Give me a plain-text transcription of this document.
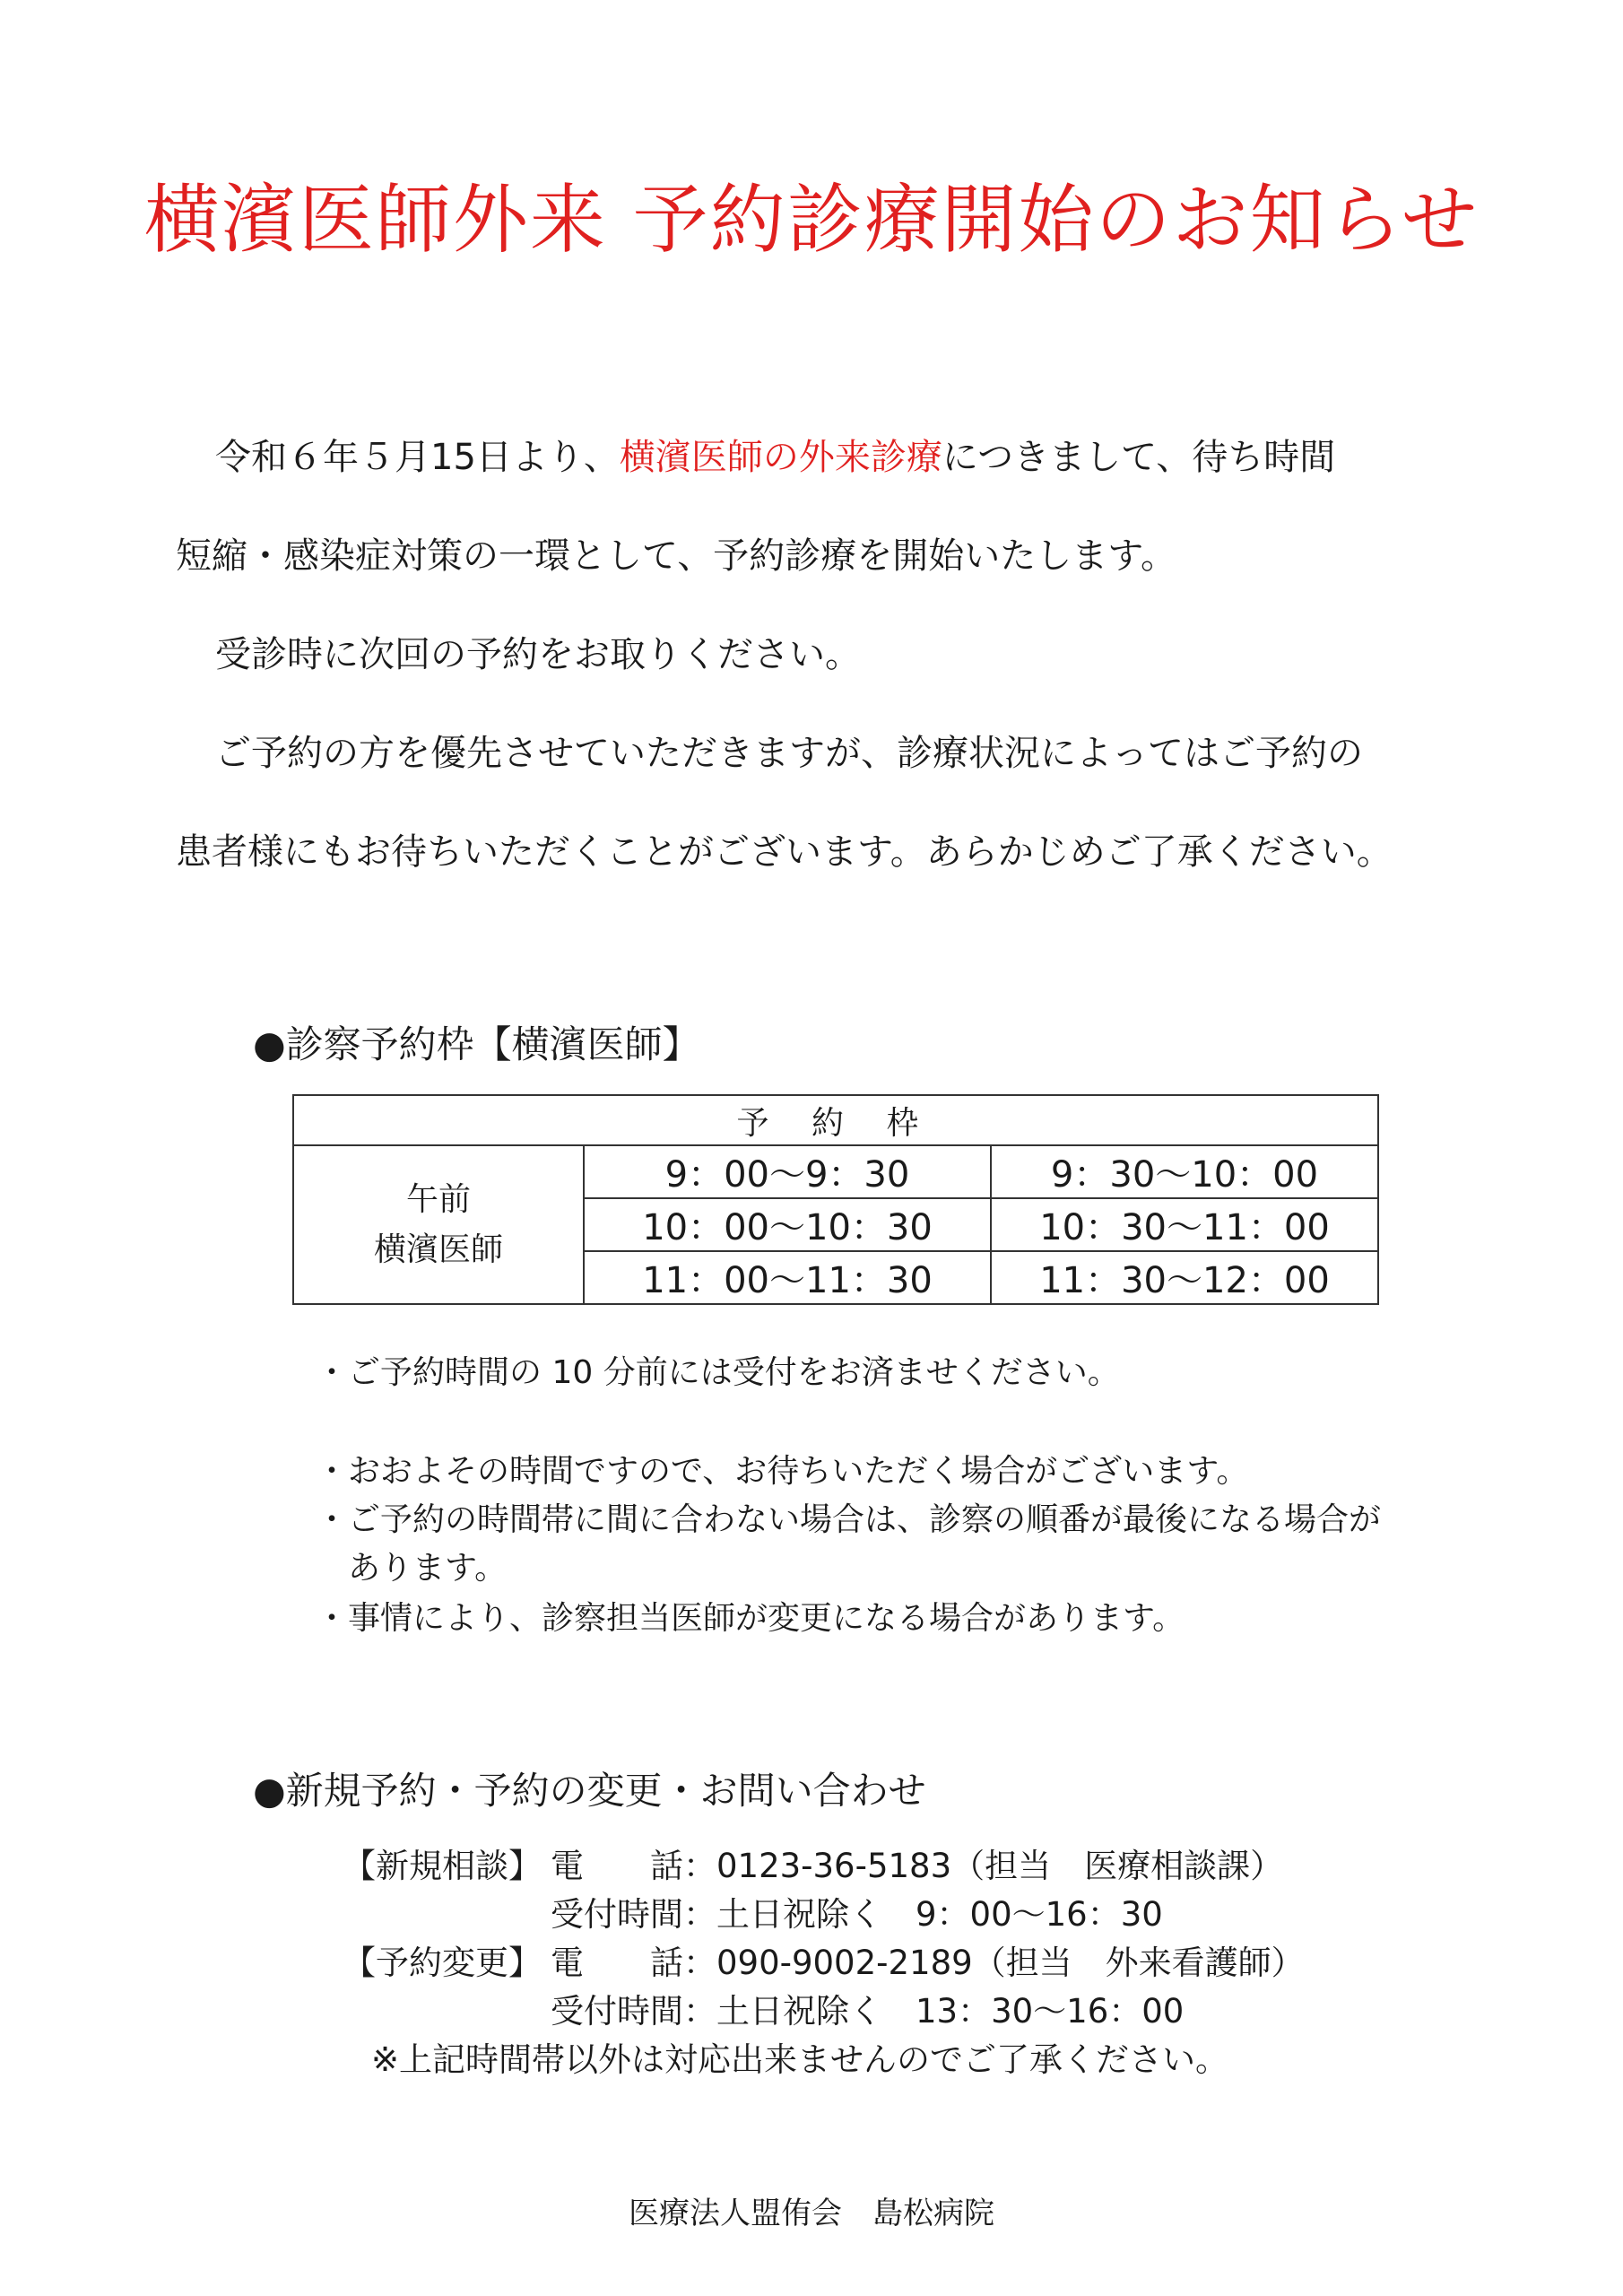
横濱医師外来 予約診療開始のお知らせ
令和６年５月15日より、横濱医師の外来診療につきまして、待ち時間
短縮・感染症対策の一環として、予約診療を開始いたします。
受診時に次回の予約をお取りください。
ご予約の方を優先させていただきますが、診療状況によってはご予約の
患者様にもお待ちいただくことがございます。あらかじめご了承ください。
●診察予約枠【横濱医師】
予 約 枠		

午前
横濱医師	9：00～9：30	9：30～10：00
	10：00～10：30	10：30～11：00
	11：00～11：30	11：30～12：00
・ご予約時間の 10 分前には受付をお済ませください。
・おおよその時間ですので、お待ちいただく場合がございます。
・ご予約の時間帯に間に合わない場合は、診察の順番が最後になる場合が
　あります。
・事情により、診察担当医師が変更になる場合があります。
●新規予約・予約の変更・お問い合わせ
【新規相談】 電　　話：0123-36-5183（担当　医療相談課）
受付時間：土日祝除く　9：00～16：30
【予約変更】 電　　話：090-9002-2189（担当　外来看護師）
受付時間：土日祝除く　13：30～16：00
※上記時間帯以外は対応出来ませんのでご了承ください。
医療法人盟侑会　島松病院
